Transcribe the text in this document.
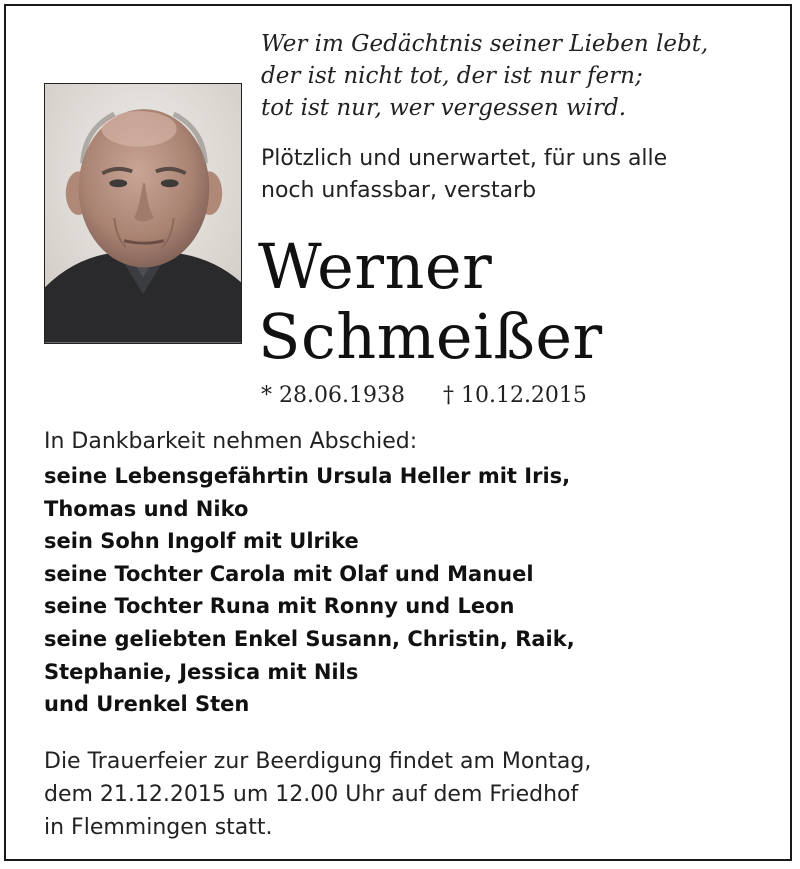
Wer im Gedächtnis seiner Lieben lebt,
der ist nicht tot, der ist nur fern;
tot ist nur, wer vergessen wird.
Plötzlich und unerwartet, für uns alle
noch unfassbar, verstarb
Werner
Schmeißer
* 28.06.1938 † 10.12.2015
In Dankbarkeit nehmen Abschied:
seine Lebensgefährtin Ursula Heller mit Iris,
Thomas und Niko
sein Sohn Ingolf mit Ulrike
seine Tochter Carola mit Olaf und Manuel
seine Tochter Runa mit Ronny und Leon
seine geliebten Enkel Susann, Christin, Raik,
Stephanie, Jessica mit Nils
und Urenkel Sten
Die Trauerfeier zur Beerdigung findet am Montag,
dem 21.12.2015 um 12.00 Uhr auf dem Friedhof
in Flemmingen statt.
